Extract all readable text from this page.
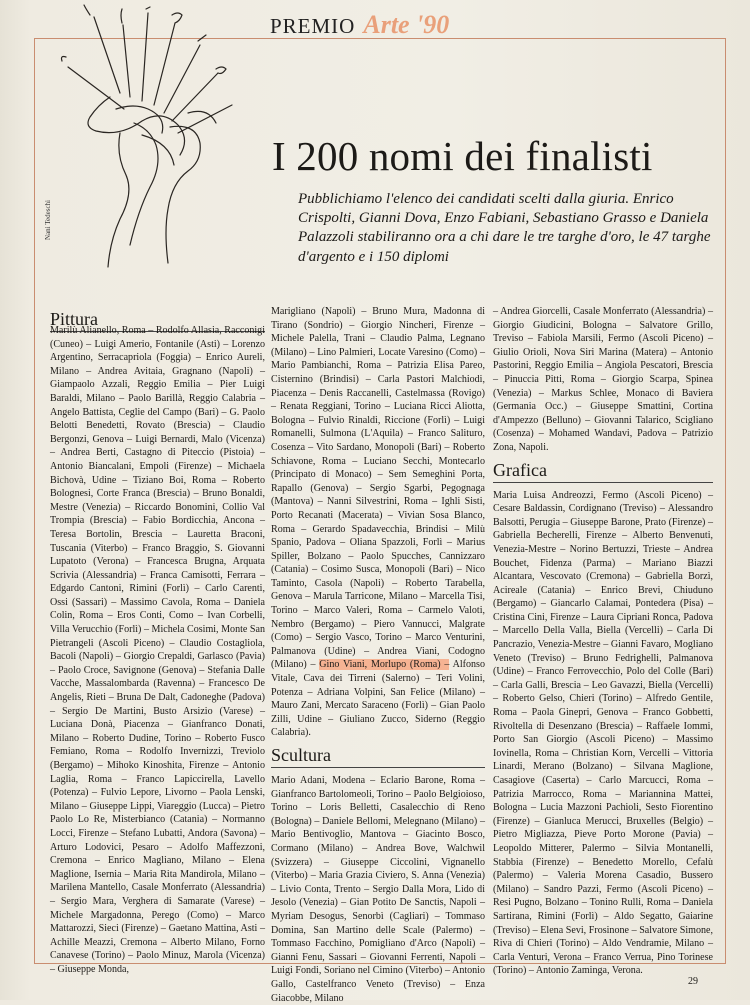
PREMIO Arte '90
Nani Tedeschi
I 200 nomi dei finalisti
Pubblichiamo l'elenco dei candidati scelti dalla giuria. Enrico Crispolti, Gianni Dova, Enzo Fabiani, Sebastiano Grasso e Daniela Palazzoli stabiliranno ora a chi dare le tre targhe d'oro, le 47 targhe d'argento e i 150 diplomi
Pittura

Marilù Alianello, Roma – Rodolfo Allasia, Racconigi (Cuneo) – Luigi Amerio, Fontanile (Asti) – Lorenzo Argentino, Serracapriola (Foggia) – Enrico Aureli, Milano – Andrea Avitaia, Gragnano (Napoli) – Giampaolo Azzali, Reggio Emilia – Pier Luigi Baraldi, Milano – Paolo Barillà, Reggio Calabria – Angelo Battista, Ceglie del Campo (Bari) – G. Paolo Belotti Benedetti, Rovato (Brescia) – Claudio Bergonzi, Genova – Luigi Bernardi, Malo (Vicenza) – Andrea Berti, Castagno di Piteccio (Pistoia) – Antonio Biancalani, Empoli (Firenze) – Michaela Bichovà, Udine – Tiziano Boi, Roma – Roberto Bolognesi, Corte Franca (Brescia) – Bruno Bonaldi, Mestre (Venezia) – Riccardo Bonomini, Collio Val Trompia (Brescia) – Fabio Bordicchia, Ancona – Teresa Bortolin, Brescia – Lauretta Braconi, Tuscania (Viterbo) – Franco Braggio, S. Giovanni Lupatoto (Verona) – Francesca Brugna, Arquata Scrivia (Alessandria) – Franca Camisotti, Ferrara – Edgardo Cantoni, Rimini (Forlì) – Carlo Carenti, Ossi (Sassari) – Massimo Cavola, Roma – Daniela Colin, Roma – Eros Conti, Como – Ivan Corbelli, Villa Verucchio (Forlì) – Michela Cosimi, Monte San Pietrangeli (Ascoli Piceno) – Claudio Costagliola, Bacoli (Napoli) – Giorgio Crepaldi, Garlasco (Pavia) – Paolo Croce, Savignone (Genova) – Stefania Dalle Vacche, Massalombarda (Ravenna) – Francesco De Angelis, Rieti – Bruna De Dalt, Cadoneghe (Padova) – Sergio De Martini, Busto Arsizio (Varese) – Luciana Donà, Piacenza – Gianfranco Donati, Milano – Roberto Dudine, Torino – Roberto Fusco Femiano, Roma – Rodolfo Invernizzi, Treviolo (Bergamo) – Mihoko Kinoshita, Firenze – Antonio Laglia, Roma – Franco Lapiccirella, Lavello (Potenza) – Fulvio Lepore, Livorno – Paola Lenski, Milano – Giuseppe Lippi, Viareggio (Lucca) – Pietro Paolo Lo Re, Misterbianco (Catania) – Normanno Locci, Firenze – Stefano Lubatti, Andora (Savona) – Arturo Lodovici, Pesaro – Adolfo Maffezzoni, Cremona – Enrico Magliano, Milano – Elena Maglione, Isernia – Maria Rita Mandirola, Milano – Marilena Mantello, Casale Monferrato (Alessandria) – Sergio Mara, Verghera di Samarate (Varese) – Michele Margadonna, Perego (Como) – Marco Mattarozzi, Sieci (Firenze) – Gaetano Mattina, Asti – Achille Meazzi, Cremona – Alberto Milano, Forno Canavese (Torino) – Paolo Minuz, Marola (Vicenza) – Giuseppe Monda,

Marigliano (Napoli) – Bruno Mura, Madonna di Tirano (Sondrio) – Giorgio Nincheri, Firenze – Michele Palella, Trani – Claudio Palma, Legnano (Milano) – Lino Palmieri, Locate Varesino (Como) – Mario Pambianchi, Roma – Patrizia Elisa Pareo, Cisternino (Brindisi) – Carla Pastori Malchiodi, Piacenza – Denis Raccanelli, Castelmassa (Rovigo) – Renata Reggiani, Torino – Luciana Ricci Aliotta, Bologna – Fulvio Rinaldi, Riccione (Forlì) – Luigi Romanelli, Sulmona (L'Aquila) – Franco Salituro, Cosenza – Vito Sardano, Monopoli (Bari) – Roberto Schiavone, Roma – Luciano Secchi, Montecarlo (Principato di Monaco) – Sem Semeghini Porta, Rapallo (Genova) – Sergio Sgarbi, Pegognaga (Mantova) – Nanni Silvestrini, Roma – Ighli Sisti, Porto Recanati (Macerata) – Vivian Sosa Blanco, Roma – Gerardo Spadavecchia, Brindisi – Milù Spanio, Padova – Oliana Spazzoli, Forlì – Marius Spiller, Bolzano – Paolo Spucches, Cannizzaro (Catania) – Cosimo Susca, Monopoli (Bari) – Nico Taminto, Casola (Napoli) – Roberto Tarabella, Genova – Marula Tarricone, Milano – Marcella Tisi, Torino – Marco Valeri, Roma – Carmelo Valoti, Nembro (Bergamo) – Piero Vannucci, Malgrate (Como) – Sergio Vasco, Torino – Marco Venturini, Palmanova (Udine) – Andrea Viani, Codogno (Milano) – Gino Viani, Morlupo (Roma) – Alfonso Vitale, Cava dei Tirreni (Salerno) – Teri Volini, Potenza – Adriana Volpini, San Felice (Milano) – Mauro Zani, Mercato Saraceno (Forlì) – Gian Paolo Zilli, Udine – Giuliano Zucco, Siderno (Reggio Calabria).

Scultura

Mario Adani, Modena – Eclario Barone, Roma – Gianfranco Bartolomeoli, Torino – Paolo Belgioioso, Torino – Loris Belletti, Casalecchio di Reno (Bologna) – Daniele Bellomi, Melegnano (Milano) – Mario Bentivoglio, Mantova – Giacinto Bosco, Cormano (Milano) – Andrea Bove, Walchwil (Svizzera) – Giuseppe Ciccolini, Vignanello (Viterbo) – Maria Grazia Civiero, S. Anna (Venezia) – Livio Conta, Trento – Sergio Dalla Mora, Lido di Jesolo (Venezia) – Gian Potito De Sanctis, Napoli – Myriam Desogus, Senorbì (Cagliari) – Tommaso Domina, San Martino delle Scale (Palermo) – Tommaso Facchino, Pomigliano d'Arco (Napoli) – Gianni Fenu, Sassari – Giovanni Ferrenti, Napoli – Luigi Fondi, Soriano nel Cimino (Viterbo) – Antonio Gallo, Castelfranco Veneto (Treviso) – Enza Giacobbe, Milano

– Andrea Giorcelli, Casale Monferrato (Alessandria) – Giorgio Giudicini, Bologna – Salvatore Grillo, Treviso – Fabiola Marsili, Fermo (Ascoli Piceno) – Giulio Orioli, Nova Siri Marina (Matera) – Antonio Pastorini, Reggio Emilia – Angiola Pescatori, Brescia – Pinuccia Pitti, Roma – Giorgio Scarpa, Spinea (Venezia) – Markus Schlee, Monaco di Baviera (Germania Occ.) – Giuseppe Smattini, Cortina d'Ampezzo (Belluno) – Giovanni Talarico, Scigliano (Cosenza) – Mohamed Wandavi, Padova – Patrizio Zona, Napoli.

Grafica

Maria Luisa Andreozzi, Fermo (Ascoli Piceno) – Cesare Baldassin, Cordignano (Treviso) – Alessandro Balsotti, Perugia – Giuseppe Barone, Prato (Firenze) – Gabriella Becherelli, Firenze – Alberto Benvenuti, Venezia-Mestre – Norino Bertuzzi, Trieste – Andrea Bouchet, Fidenza (Parma) – Mariano Biazzi Alcantara, Vescovato (Cremona) – Gabriella Borzì, Acireale (Catania) – Enrico Brevi, Chiuduno (Bergamo) – Giancarlo Calamai, Pontedera (Pisa) – Cristina Cini, Firenze – Laura Cipriani Ronca, Padova – Marcello Della Valla, Biella (Vercelli) – Carla Di Pancrazio, Venezia-Mestre – Gianni Favaro, Mogliano Veneto (Treviso) – Bruno Fedrighelli, Palmanova (Udine) – Franco Ferrovecchio, Polo del Colle (Bari) – Carla Galli, Brescia – Leo Gavazzi, Biella (Vercelli) – Roberto Gelso, Chieri (Torino) – Alfredo Gentile, Roma – Paola Ginepri, Genova – Franco Gobbetti, Rivoltella di Desenzano (Brescia) – Raffaele Iommi, Porto San Giorgio (Ascoli Piceno) – Massimo Iovinella, Roma – Christian Korn, Vercelli – Vittoria Linardi, Merano (Bolzano) – Silvana Maglione, Casagiove (Caserta) – Carlo Marcucci, Roma – Patrizia Marrocco, Roma – Mariannina Mattei, Bologna – Lucia Mazzoni Pachioli, Sesto Fiorentino (Firenze) – Gianluca Merucci, Bruxelles (Belgio) – Pietro Migliazza, Pieve Porto Morone (Pavia) – Leopoldo Mitterer, Palermo – Silvia Montanelli, Stabbia (Firenze) – Benedetto Morello, Cefalù (Palermo) – Valeria Morena Casadio, Bussero (Milano) – Sandro Pazzi, Fermo (Ascoli Piceno) – Resi Pugno, Bolzano – Tonino Rulli, Roma – Daniela Sartirana, Rimini (Forlì) – Aldo Segatto, Gaiarine (Treviso) – Elena Sevi, Frosinone – Salvatore Simone, Riva di Chieri (Torino) – Aldo Vendramie, Milano – Carla Venturi, Verona – Franco Verrua, Pino Torinese (Torino) – Antonio Zaminga, Verona.

29
